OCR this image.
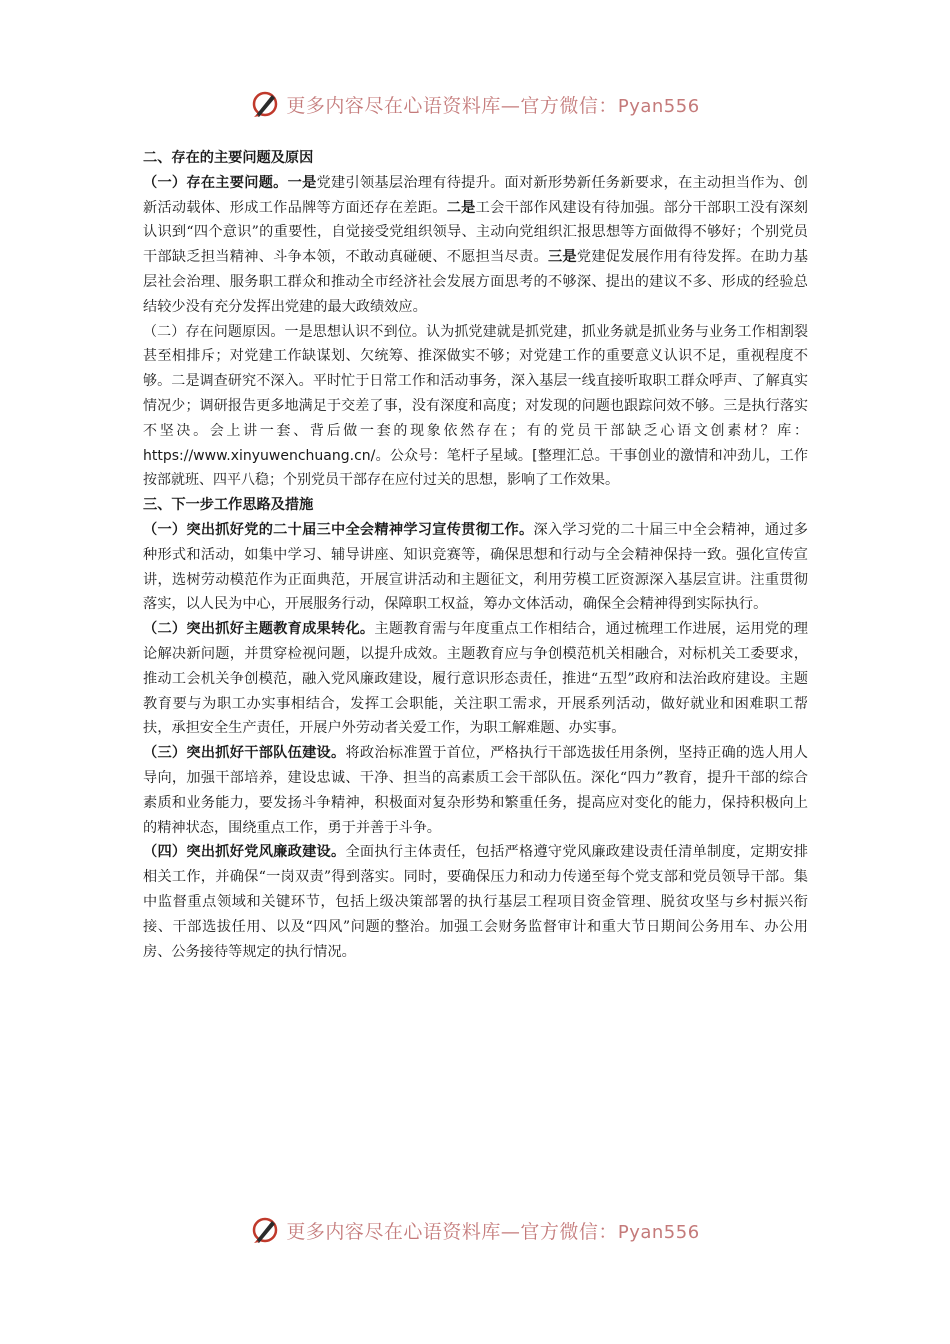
更多内容尽在心语资料库—官方微信：Pyan556

二、存在的主要问题及原因

（一）存在主要问题。一是党建引领基层治理有待提升。面对新形势新任务新要求，在主动担当作为、创新活动载体、形成工作品牌等方面还存在差距。二是工会干部作风建设有待加强。部分干部职工没有深刻认识到“四个意识”的重要性，自觉接受党组织领导、主动向党组织汇报思想等方面做得不够好；个别党员干部缺乏担当精神、斗争本领，不敢动真碰硬、不愿担当尽责。三是党建促发展作用有待发挥。在助力基层社会治理、服务职工群众和推动全市经济社会发展方面思考的不够深、提出的建议不多、形成的经验总结较少没有充分发挥出党建的最大政绩效应。

（二）存在问题原因。一是思想认识不到位。认为抓党建就是抓党建，抓业务就是抓业务与业务工作相割裂甚至相排斥；对党建工作缺谋划、欠统筹、推深做实不够；对党建工作的重要意义认识不足，重视程度不够。二是调查研究不深入。平时忙于日常工作和活动事务，深入基层一线直接听取职工群众呼声、了解真实情况少；调研报告更多地满足于交差了事，没有深度和高度；对发现的问题也跟踪问效不够。三是执行落实不坚决。会上讲一套、背后做一套的现象依然存在；有的党员干部缺乏心语文创素材？库： https://www.xinyuwenchuang.cn/。公众号：笔杆子星域。[整理汇总。干事创业的激情和冲劲儿，工作按部就班、四平八稳；个别党员干部存在应付过关的思想，影响了工作效果。

三、下一步工作思路及措施

（一）突出抓好党的二十届三中全会精神学习宣传贯彻工作。深入学习党的二十届三中全会精神，通过多种形式和活动，如集中学习、辅导讲座、知识竞赛等，确保思想和行动与全会精神保持一致。强化宣传宣讲，选树劳动模范作为正面典范，开展宣讲活动和主题征文，利用劳模工匠资源深入基层宣讲。注重贯彻落实，以人民为中心，开展服务行动，保障职工权益，筹办文体活动，确保全会精神得到实际执行。

（二）突出抓好主题教育成果转化。主题教育需与年度重点工作相结合，通过梳理工作进展，运用党的理论解决新问题，并贯穿检视问题，以提升成效。主题教育应与争创模范机关相融合，对标机关工委要求，推动工会机关争创模范，融入党风廉政建设，履行意识形态责任，推进“五型”政府和法治政府建设。主题教育要与为职工办实事相结合，发挥工会职能，关注职工需求，开展系列活动，做好就业和困难职工帮扶，承担安全生产责任，开展户外劳动者关爱工作，为职工解难题、办实事。

（三）突出抓好干部队伍建设。将政治标准置于首位，严格执行干部选拔任用条例，坚持正确的选人用人导向，加强干部培养，建设忠诚、干净、担当的高素质工会干部队伍。深化“四力”教育，提升干部的综合素质和业务能力，要发扬斗争精神，积极面对复杂形势和繁重任务，提高应对变化的能力，保持积极向上的精神状态，围绕重点工作，勇于并善于斗争。

（四）突出抓好党风廉政建设。全面执行主体责任，包括严格遵守党风廉政建设责任清单制度，定期安排相关工作，并确保“一岗双责”得到落实。同时，要确保压力和动力传递至每个党支部和党员领导干部。集中监督重点领域和关键环节，包括上级决策部署的执行基层工程项目资金管理、脱贫攻坚与乡村振兴衔接、干部选拔任用、以及“四风”问题的整治。加强工会财务监督审计和重大节日期间公务用车、办公用房、公务接待等规定的执行情况。

更多内容尽在心语资料库—官方微信：Pyan556
